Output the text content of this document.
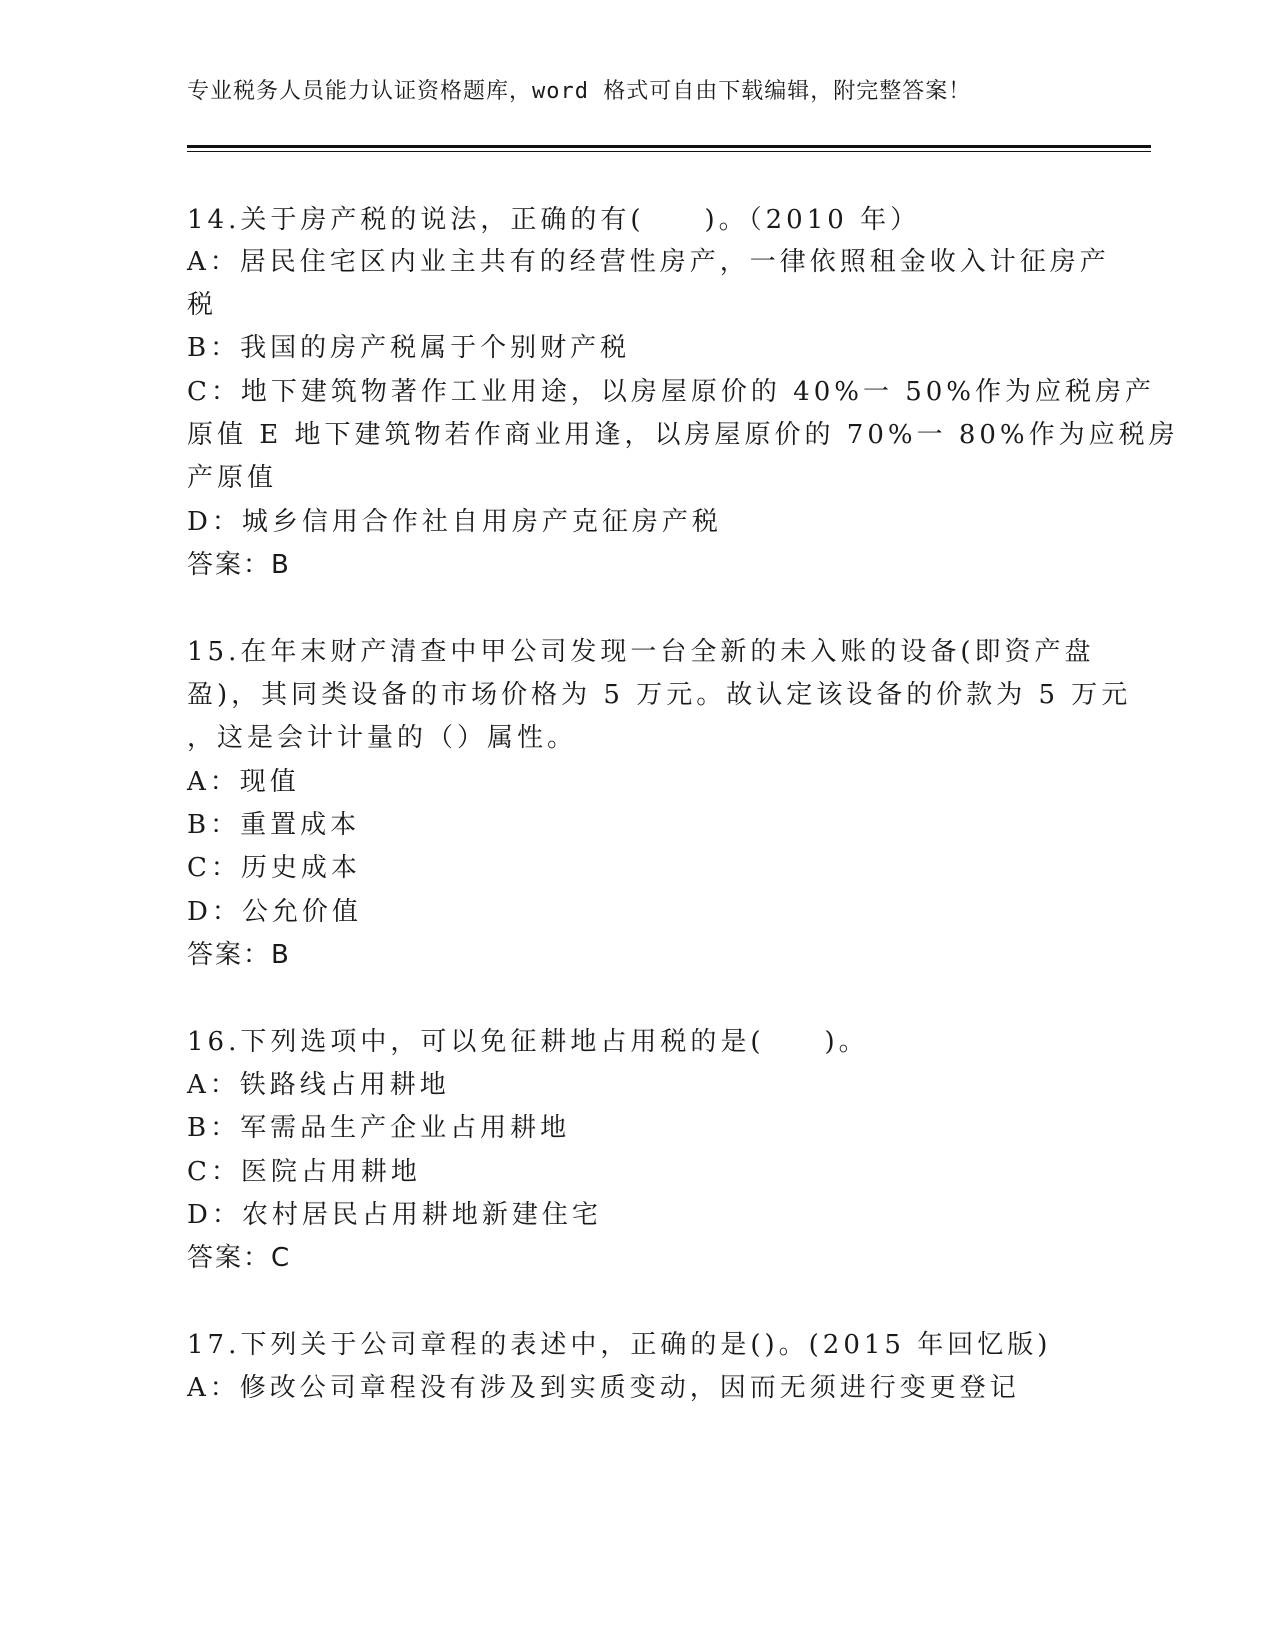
专业税务人员能力认证资格题库，word 格式可自由下载编辑，附完整答案！
14.关于房产税的说法，正确的有(　　)。（2010 年）
A：居民住宅区内业主共有的经营性房产，一律依照租金收入计征房产
税
B：我国的房产税属于个别财产税
C：地下建筑物著作工业用途，以房屋原价的 40%一 50%作为应税房产
原值 E 地下建筑物若作商业用逢，以房屋原价的 70%一 80%作为应税房
产原值
D：城乡信用合作社自用房产克征房产税
答案：B
15.在年末财产清查中甲公司发现一台全新的未入账的设备(即资产盘
盈)，其同类设备的市场价格为 5 万元。故认定该设备的价款为 5 万元
，这是会计计量的（）属性。
A：现值
B：重置成本
C：历史成本
D：公允价值
答案：B
16.下列选项中，可以免征耕地占用税的是(　　)。
A：铁路线占用耕地
B：军需品生产企业占用耕地
C：医院占用耕地
D：农村居民占用耕地新建住宅
答案：C
17.下列关于公司章程的表述中，正确的是()。(2015 年回忆版)
A：修改公司章程没有涉及到实质变动，因而无须进行变更登记
